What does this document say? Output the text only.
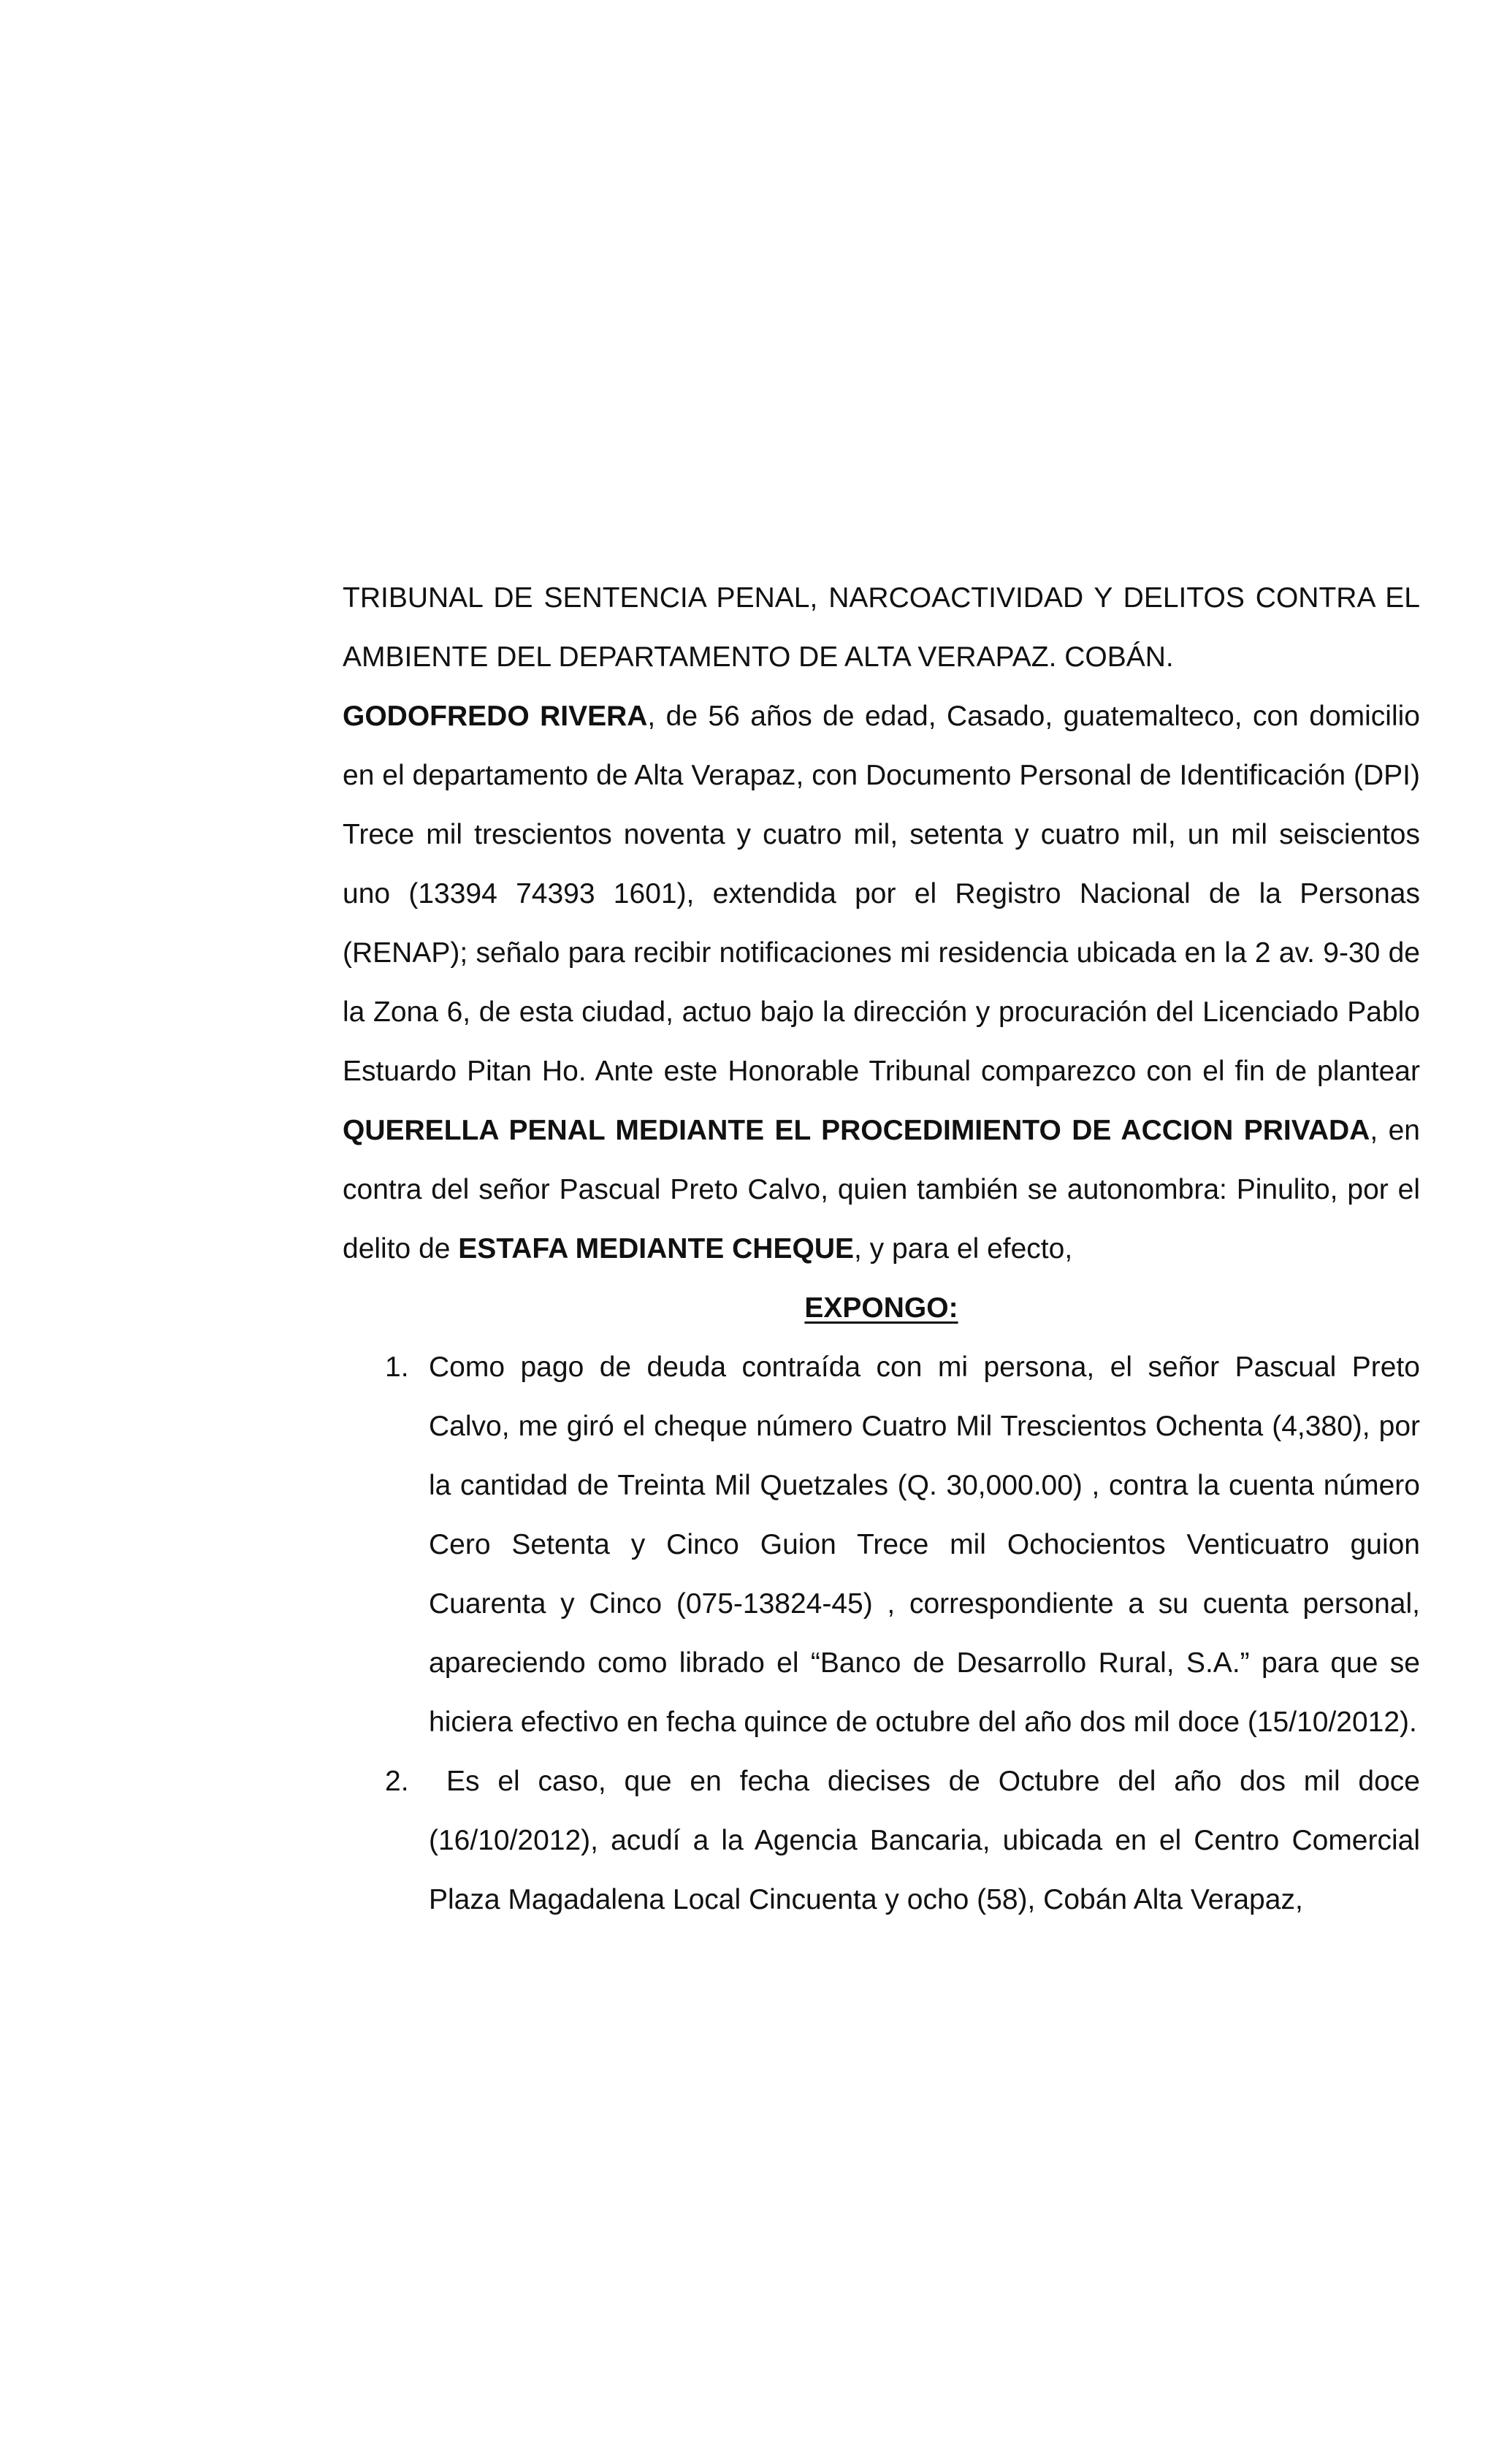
TRIBUNAL DE SENTENCIA PENAL, NARCOACTIVIDAD Y DELITOS CONTRA EL AMBIENTE DEL DEPARTAMENTO DE ALTA VERAPAZ. COBÁN.

GODOFREDO RIVERA, de 56 años de edad, Casado, guatemalteco, con domicilio en el departamento de Alta Verapaz, con Documento Personal de Identificación (DPI) Trece mil trescientos noventa y cuatro mil, setenta y cuatro mil, un mil seiscientos uno (13394 74393 1601), extendida por el Registro Nacional de la Personas (RENAP); señalo para recibir notificaciones mi residencia ubicada en la 2 av. 9-30 de la Zona 6, de esta ciudad, actuo bajo la dirección y procuración del Licenciado Pablo Estuardo Pitan Ho. Ante este Honorable Tribunal comparezco con el fin de plantear QUERELLA PENAL MEDIANTE EL PROCEDIMIENTO DE ACCION PRIVADA, en contra del señor Pascual Preto Calvo, quien también se autonombra: Pinulito, por el delito de ESTAFA MEDIANTE CHEQUE, y para el efecto,

EXPONGO:

1. Como pago de deuda contraída con mi persona, el señor Pascual Preto Calvo, me giró el cheque número Cuatro Mil Trescientos Ochenta (4,380), por la cantidad de Treinta Mil Quetzales (Q. 30,000.00) , contra la cuenta número Cero Setenta y Cinco Guion Trece mil Ochocientos Venticuatro guion Cuarenta y Cinco (075-13824-45) , correspondiente a su cuenta personal, apareciendo como librado el “Banco de Desarrollo Rural, S.A.” para que se hiciera efectivo en fecha quince de octubre del año dos mil doce (15/10/2012).
2.	Es el caso, que en fecha diecises de Octubre del año dos mil doce (16/10/2012), acudí a la Agencia Bancaria, ubicada en el Centro Comercial Plaza Magadalena Local Cincuenta y ocho (58), Cobán Alta Verapaz,
